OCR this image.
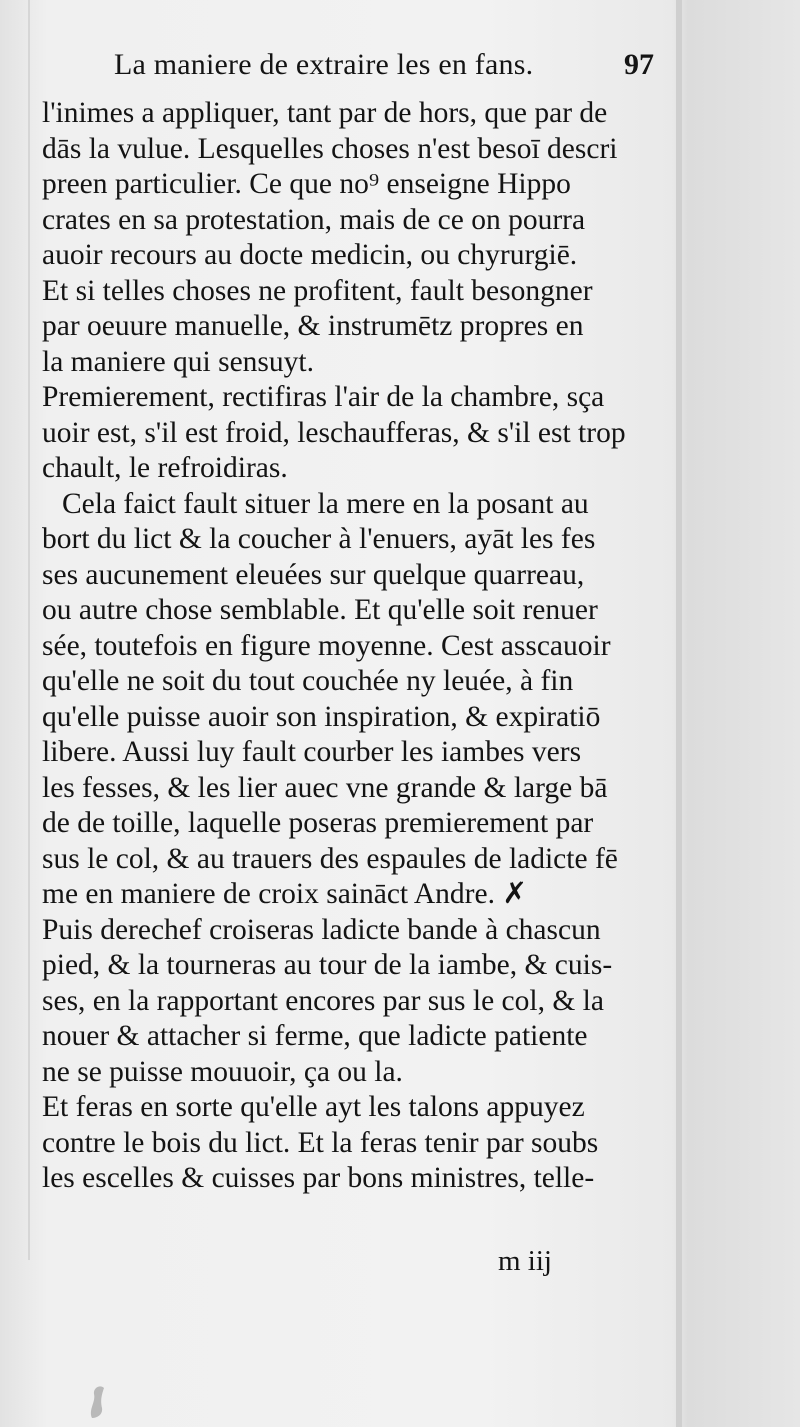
La maniere de extraire les en fans.	97
l'inimes a appliquer, tant par de hors, que par de
dās la vulue. Lesquelles choses n'est besoī descri
preen particulier. Ce que no⁹ enseigne Hippo
crates en sa protestation, mais de ce on pourra
auoir recours au docte medicin, ou chyrurgiē.
Et si telles choses ne profitent, fault besongner
par oeuure manuelle, & instrumētz propres en
la maniere qui sensuyt.
Premierement, rectifiras l'air de la chambre, sça
uoir est, s'il est froid, leschaufferas, & s'il est trop
chault, le refroidiras.
Cela faict fault situer la mere en la posant au
bort du lict & la coucher à l'enuers, ayāt les fes
ses aucunement eleuées sur quelque quarreau,
ou autre chose semblable. Et qu'elle soit renuer
sée, toutefois en figure moyenne. Cest asscauoir
qu'elle ne soit du tout couchée ny leuée, à fin
qu'elle puisse auoir son inspiration, & expiratiō
libere. Aussi luy fault courber les iambes vers
les fesses, & les lier auec vne grande & large bā
de de toille, laquelle poseras premierement par
sus le col, & au trauers des espaules de ladicte fē
me en maniere de croix saināct Andre. ✗
Puis derechef croiseras ladicte bande à chascun
pied, & la tourneras au tour de la iambe, & cuis-
ses, en la rapportant encores par sus le col, & la
nouer & attacher si ferme, que ladicte patiente
ne se puisse mouuoir, ça ou la.
Et feras en sorte qu'elle ayt les talons appuyez
contre le bois du lict. Et la feras tenir par soubs
les escelles & cuisses par bons ministres, telle-
m iij
